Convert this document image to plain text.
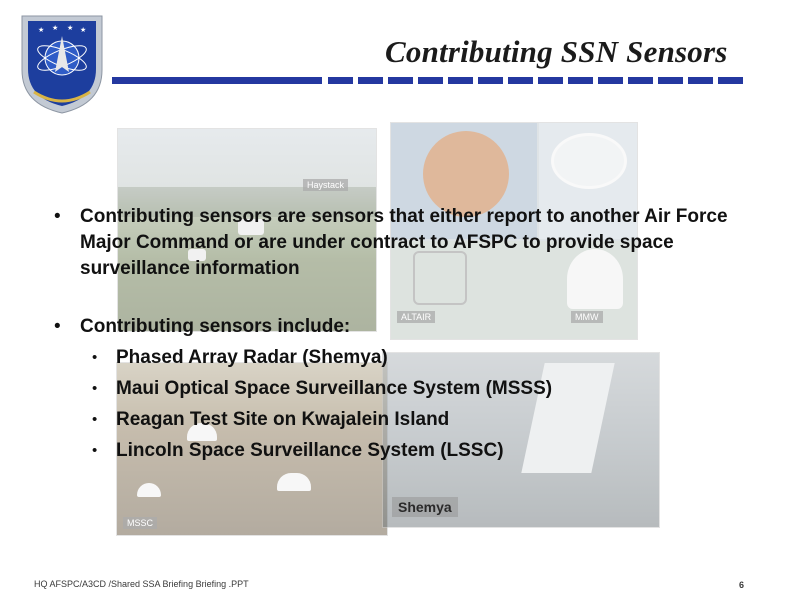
★ ★ ★ ★
Contributing SSN Sensors
Haystack
ALTAIR	MMW
MSSC
Shemya
• Contributing sensors are sensors that either report to another Air Force Major Command or are under contract to AFSPC to provide space surveillance information
• Contributing sensors include:
• Phased Array Radar (Shemya)
• Maui Optical Space Surveillance System (MSSS)
• Reagan Test Site on Kwajalein Island
• Lincoln Space Surveillance System (LSSC)
HQ AFSPC/A3CD /Shared SSA Briefing Briefing .PPT	6
